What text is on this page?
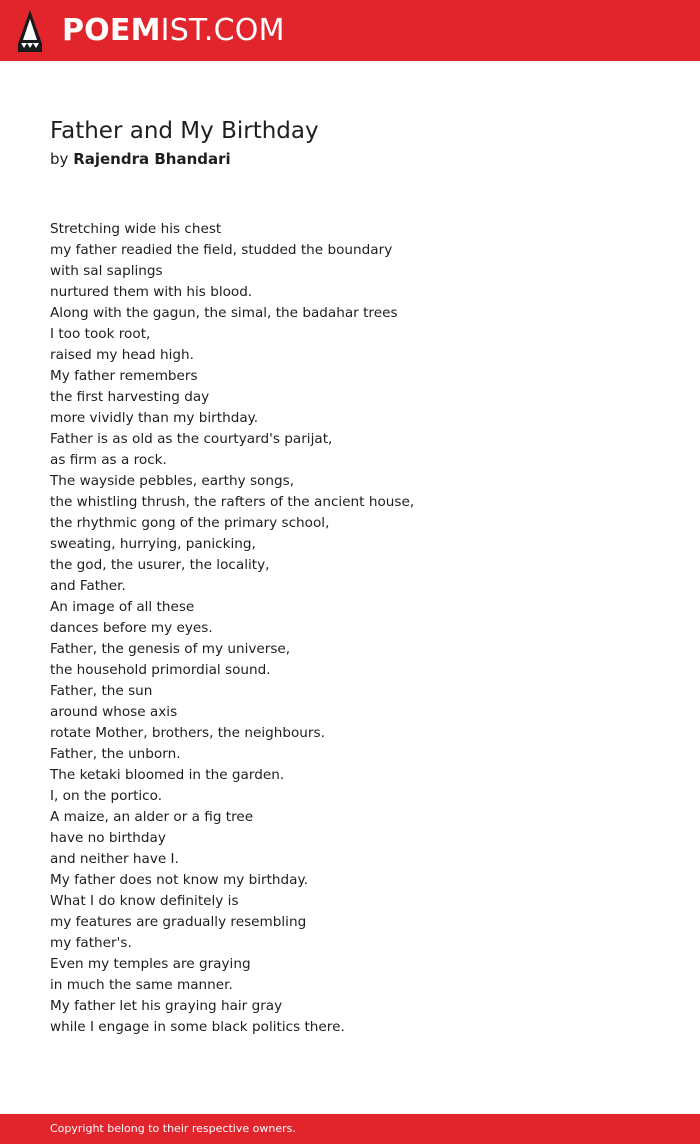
POEMIST.COM
Father and My Birthday
by Rajendra Bhandari
Stretching wide his chest
my father readied the field, studded the boundary
with sal saplings
nurtured them with his blood.
Along with the gagun, the simal, the badahar trees
I too took root,
raised my head high.
My father remembers
the first harvesting day
more vividly than my birthday.
Father is as old as the courtyard's parijat,
as firm as a rock.
The wayside pebbles, earthy songs,
the whistling thrush, the rafters of the ancient house,
the rhythmic gong of the primary school,
sweating, hurrying, panicking,
the god, the usurer, the locality,
and Father.
An image of all these
dances before my eyes.
Father, the genesis of my universe,
the household primordial sound.
Father, the sun
around whose axis
rotate Mother, brothers, the neighbours.
Father, the unborn.
The ketaki bloomed in the garden.
I, on the portico.
A maize, an alder or a fig tree
have no birthday
and neither have I.
My father does not know my birthday.
What I do know definitely is
my features are gradually resembling
my father's.
Even my temples are graying
in much the same manner.
My father let his graying hair gray
while I engage in some black politics there.
Copyright belong to their respective owners.
